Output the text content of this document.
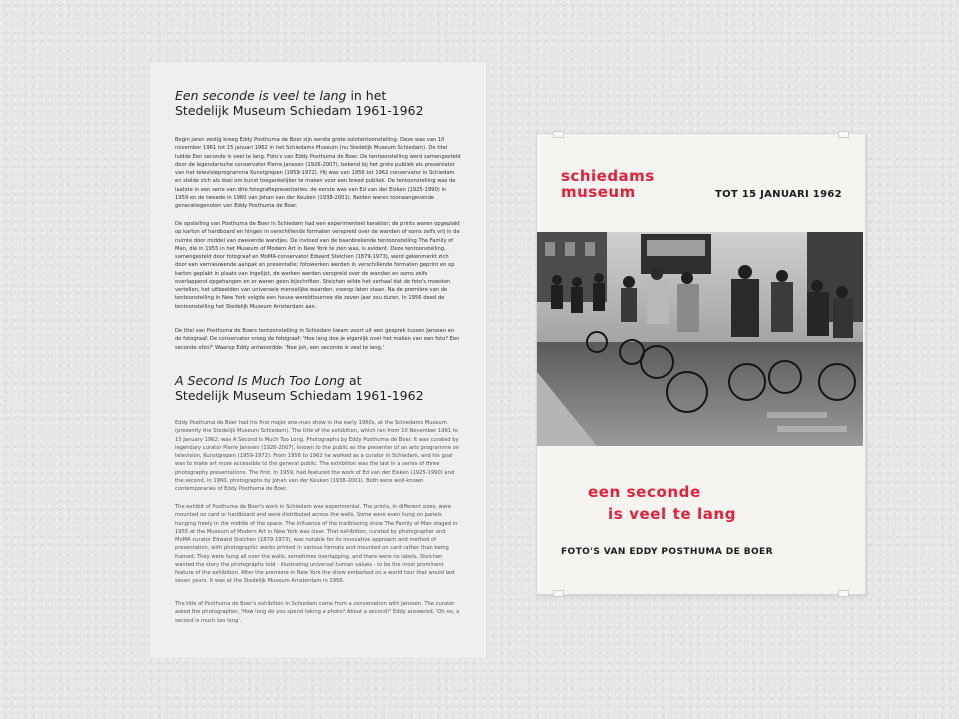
Een seconde is veel te lang in het
Stedelijk Museum Schiedam 1961-1962

Begin jaren zestig kreeg Eddy Posthuma de Boer zijn eerste grote solotentoonstelling. Deze was van 10 november 1961 tot 15 januari 1962 in het Schiedams Museum (nu Stedelijk Museum Schiedam). De titel luidde Een seconde is veel te lang. Foto's van Eddy Posthuma de Boer. De tentoonstelling werd samengesteld door de legendarische conservator Pierre Janssen (1926-2007), bekend bij het grote publiek als presentator van het televisieprogramma Kunstgrepen (1959-1972). Hij was van 1956 tot 1962 conservator in Schiedam en stelde zich als doel om kunst toegankelijker te maken voor een breed publiek. De tentoonstelling was de laatste in een serie van drie fotografiepresentaties: de eerste was van Ed van der Elsken (1925-1990) in 1959 en de tweede in 1960 van Johan van der Keuken (1938-2001). Beiden waren toonaangevende generatiegenoten van Eddy Posthuma de Boer.

De opstelling van Posthuma de Boer in Schiedam had een experimenteel karakter; de prints waren opgeplakt op karton of hardboard en hingen in verschillende formaten verspreid over de wanden of soms zelfs vrij in de ruimte door middel van zwevende wandjes. De invloed van de baanbrekende tentoonstelling The Family of Man, die in 1955 in het Museum of Modern Art in New York te zien was, is evident. Deze tentoonstelling, samengesteld door fotograaf en MoMA-conservator Edward Steichen (1879-1973), werd gekenmerkt zich door een vernieuwende aanpak en presentatie; fotowerken werden in verschillende formaten geprint en op karton geplakt in plaats van ingelijst, de werken werden verspreid over de wanden en soms zelfs overlappend opgehangen en er waren geen bijschriften. Steichen wilde het verhaal dat de foto's moesten vertellen, het uitbeelden van universele menselijke waarden, voorop laten staan. Na de première van de tentoonstelling in New York volgde een heuse wereldtournee die zeven jaar zou duren. In 1956 deed de tentoonstelling het Stedelijk Museum Amsterdam aan.

De titel van Posthuma de Boers tentoonstelling in Schiedam kwam voort uit een gesprek tussen Janssen en de fotograaf. De conservator vroeg de fotograaf: 'Hoe lang doe je eigenlijk over het maken van een foto? Een seconde ofzo?' Waarop Eddy antwoordde: 'Nee joh, een seconde is veel te lang.'

A Second Is Much Too Long at
Stedelijk Museum Schiedam 1961-1962

Eddy Posthuma de Boer had his first major one-man show in the early 1960s, at the Schiedams Museum (presently the Stedelijk Museum Schiedam). The title of the exhibition, which ran from 10 November 1961 to 15 January 1962, was A Second Is Much Too Long. Photographs by Eddy Posthuma de Boer. It was curated by legendary curator Pierre Janssen (1926-2007), known to the public as the presenter of an arts programme on television, Kunstgrepen (1959-1972). From 1956 to 1962 he worked as a curator in Schiedam, and his goal was to make art more accessible to the general public. The exhibition was the last in a series of three photography presentations. The first, in 1959, had featured the work of Ed van der Elsken (1925-1990) and the second, in 1960, photographs by Johan van der Keuken (1938-2001). Both were well-known contemporaries of Eddy Posthuma de Boer.

The exhibit of Posthuma de Boer's work in Schiedam was experimental. The prints, in different sizes, were mounted on card or hardboard and were distributed across the walls. Some were even hung on panels hanging freely in the middle of the space. The influence of the trailblazing show The Family of Man staged in 1955 at the Museum of Modern Art in New York was clear. That exhibition, curated by photographer and MoMA curator Edward Steichen (1879-1973), was notable for its innovative approach and method of presentation, with photographic works printed in various formats and mounted on card rather than being framed. They were hung all over the walls, sometimes overlapping, and there were no labels. Steichen wanted the story the photographs told - illustrating universal human values - to be the most prominent feature of the exhibition. After the premiere in New York the show embarked on a world tour that would last seven years. It was at the Stedelijk Museum Amsterdam in 1956.

The title of Posthuma de Boer's exhibition in Schiedam came from a conversation with Janssen. The curator asked the photographer, 'How long do you spend taking a photo? About a second?' Eddy answered, 'Oh no, a second is much too long'.

schiedams
museum	TOT 15 JANUARI 1962
een seconde
is veel te lang
FOTO'S VAN EDDY POSTHUMA DE BOER
